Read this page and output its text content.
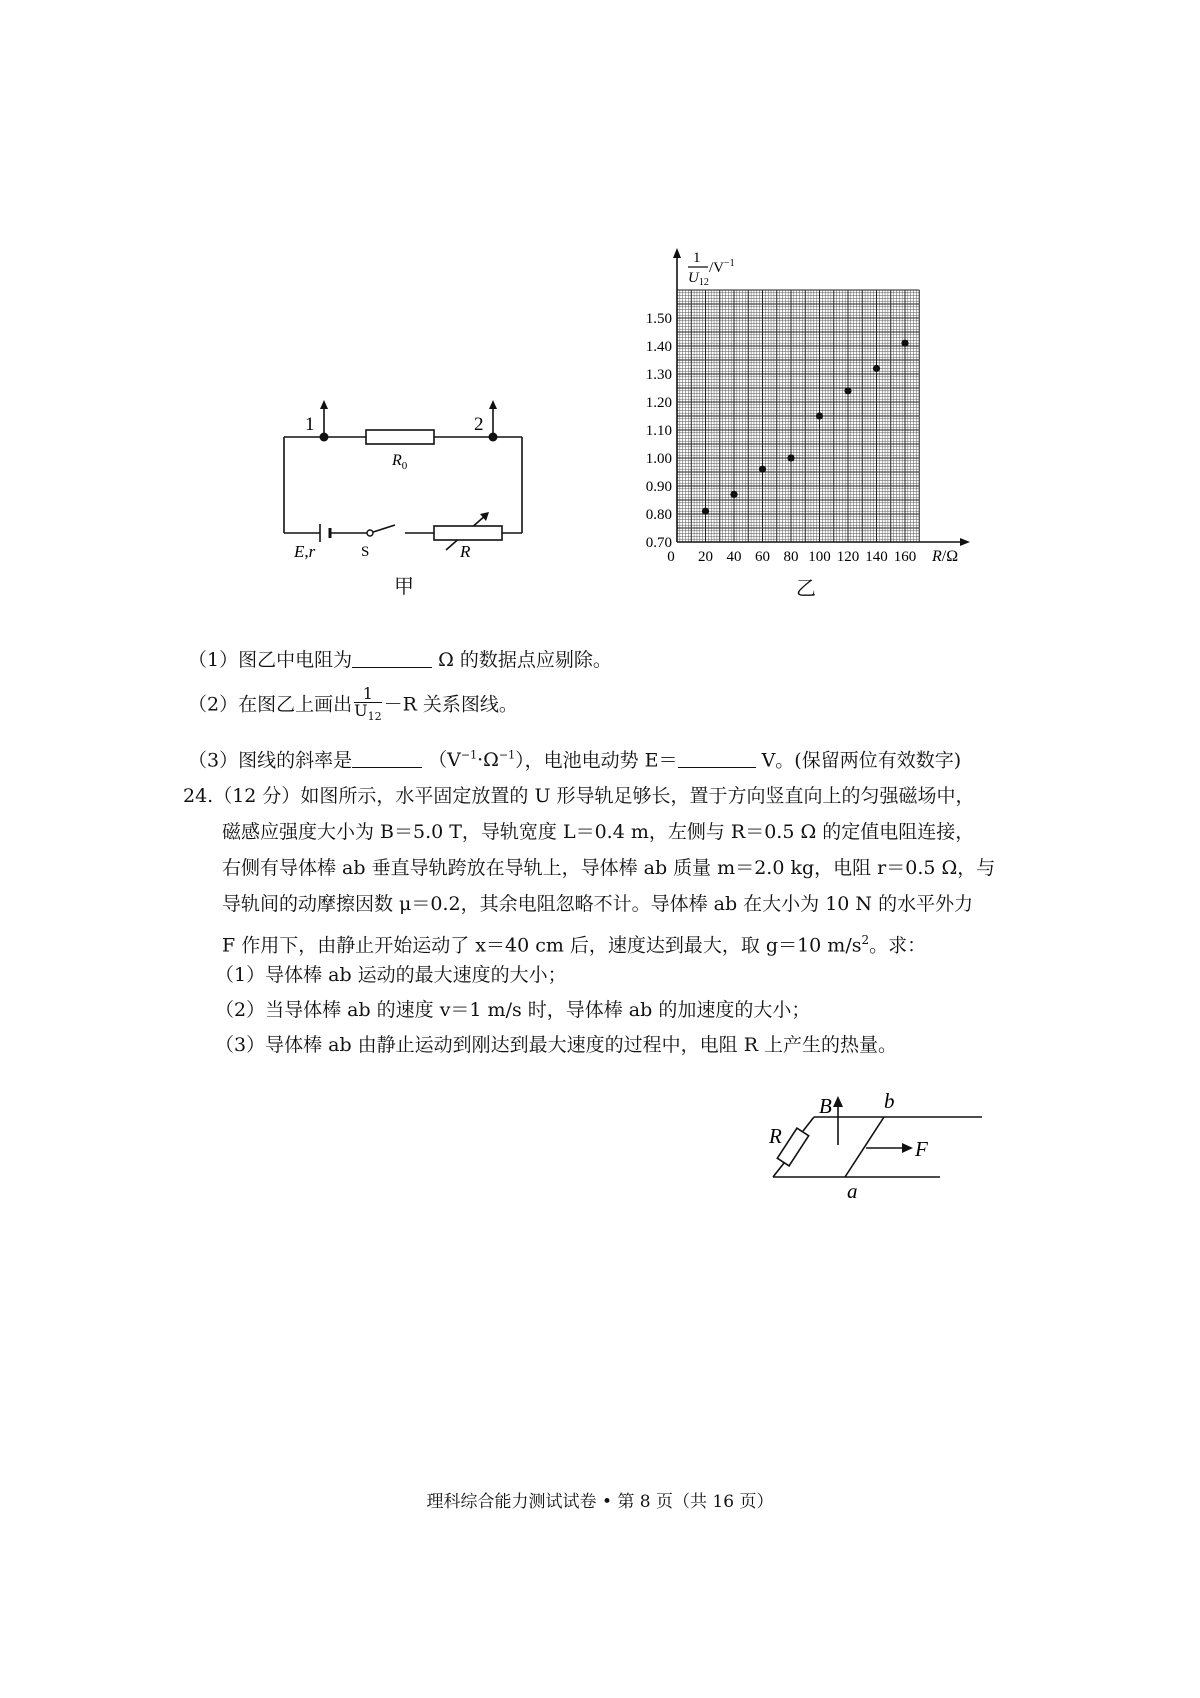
1	2
$R_0$
E,r	S	R
甲
0.70
0.80
0.90
1.00
1.10
1.20
1.30
1.40
1.50
0 20 40 60 80 100 120 140 160
1
$U_{12}$
$/V^{-1}$
R/Ω
乙
（1）图乙中电阻为	Ω 的数据点应剔除。
（2）在图乙上画出 $\frac{1}{U_{12}} -R$ 关系图线。
（3）图线的斜率是	$(V^{-1}\cdot\Omega^{-1})$，电池电动势 E＝	V。(保留两位有效数字)
24.（12 分）如图所示，水平固定放置的 U 形导轨足够长，置于方向竖直向上的匀强磁场中，
磁感应强度大小为 B＝5.0 T，导轨宽度 L＝0.4 m，左侧与 R＝0.5 Ω 的定值电阻连接，
右侧有导体棒 ab 垂直导轨跨放在导轨上，导体棒 ab 质量 m＝2.0 kg，电阻 r＝0.5 Ω，与
导轨间的动摩擦因数 μ＝0.2，其余电阻忽略不计。导体棒 ab 在大小为 10 N 的水平外力
F 作用下，由静止开始运动了 x＝40 cm 后，速度达到最大，取 g＝10 $m/s^2$。求：
（1）导体棒 ab 运动的最大速度的大小；
（2）当导体棒 ab 的速度 v＝1 m/s 时，导体棒 ab 的加速度的大小；
（3）导体棒 ab 由静止运动到刚达到最大速度的过程中，电阻 R 上产生的热量。
R
B b
a
F
理科综合能力测试试卷 • 第 8 页（共 16 页）
